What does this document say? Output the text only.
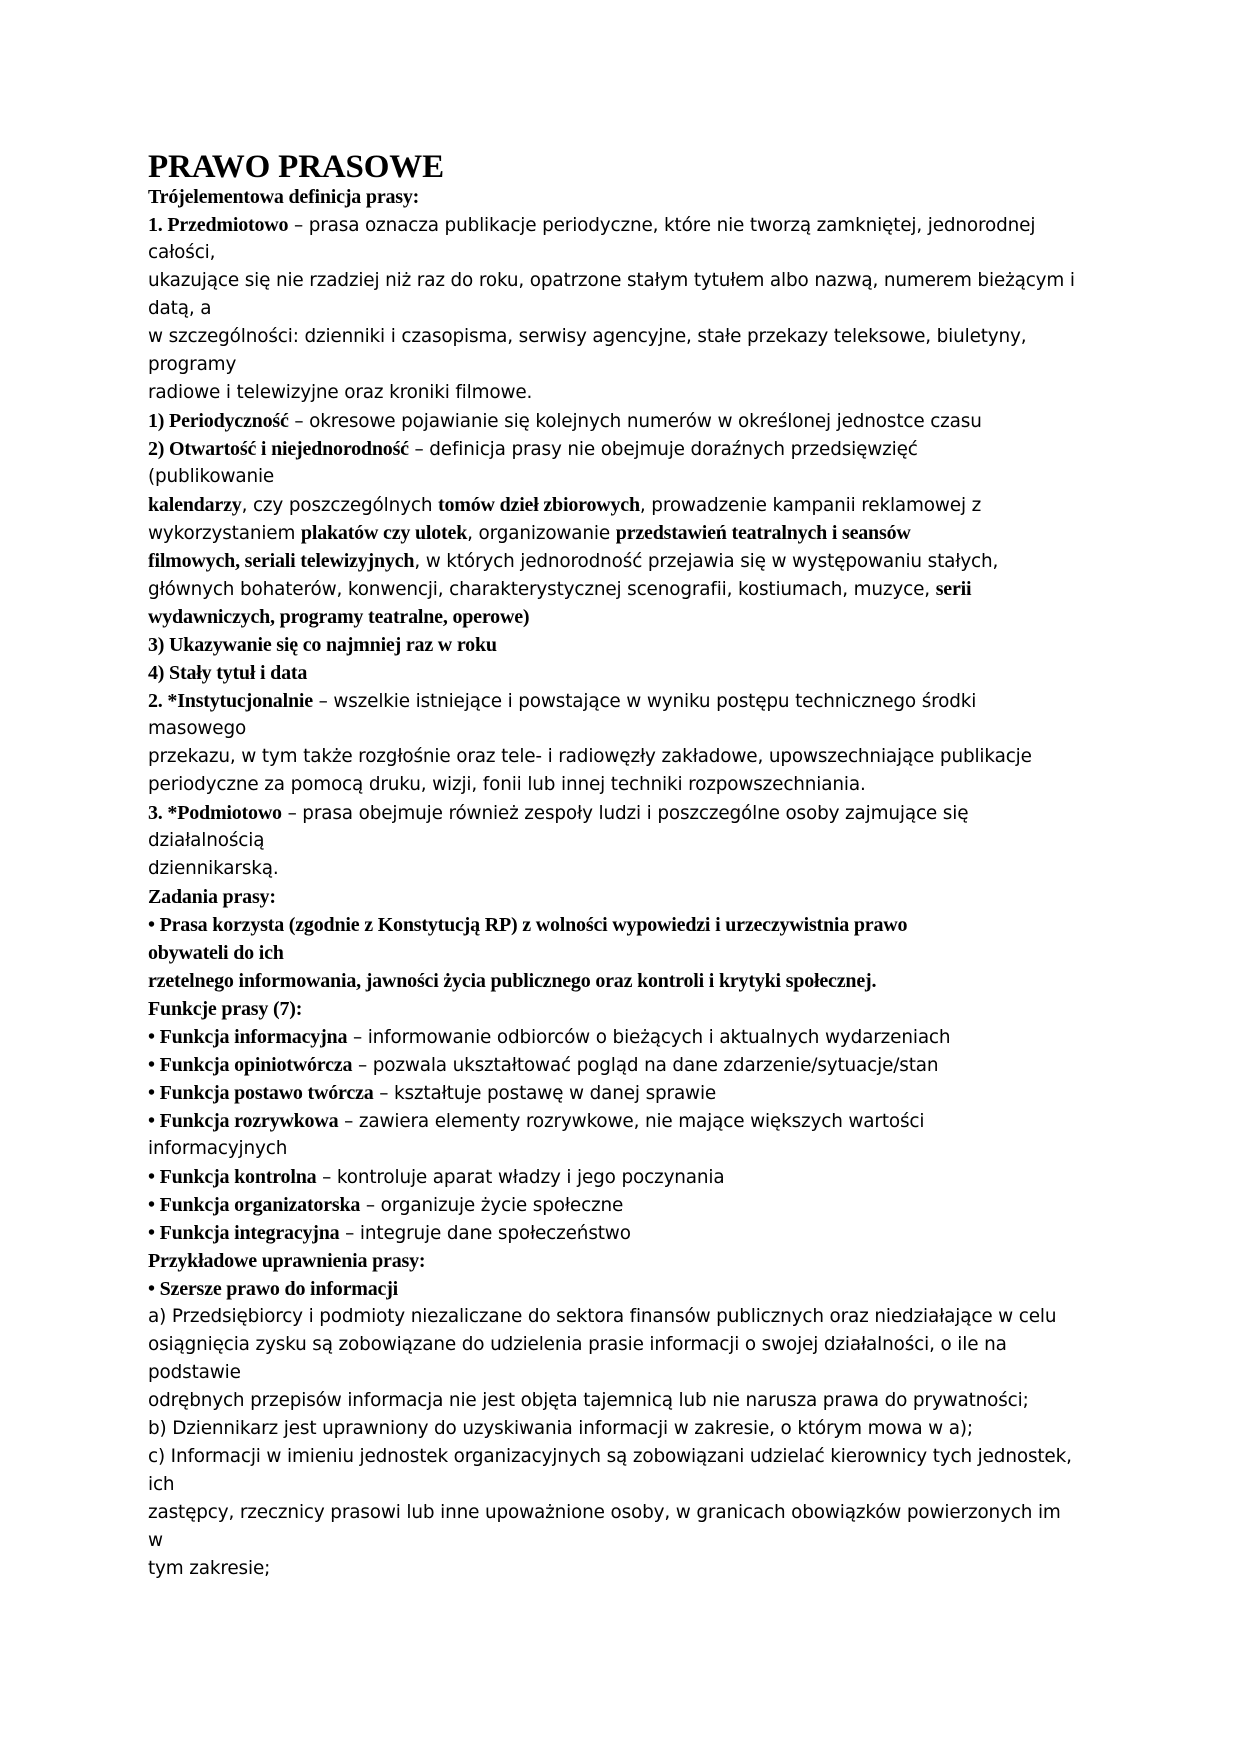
PRAWO PRASOWE
Trójelementowa definicja prasy:
1. Przedmiotowo – prasa oznacza publikacje periodyczne, które nie tworzą zamkniętej, jednorodnej
całości,
ukazujące się nie rzadziej niż raz do roku, opatrzone stałym tytułem albo nazwą, numerem bieżącym i
datą, a
w szczególności: dzienniki i czasopisma, serwisy agencyjne, stałe przekazy teleksowe, biuletyny,
programy
radiowe i telewizyjne oraz kroniki filmowe.
1) Periodyczność – okresowe pojawianie się kolejnych numerów w określonej jednostce czasu
2) Otwartość i niejednorodność – definicja prasy nie obejmuje doraźnych przedsięwzięć
(publikowanie
kalendarzy, czy poszczególnych tomów dzieł zbiorowych, prowadzenie kampanii reklamowej z
wykorzystaniem plakatów czy ulotek, organizowanie przedstawień teatralnych i seansów
filmowych, seriali telewizyjnych, w których jednorodność przejawia się w występowaniu stałych,
głównych bohaterów, konwencji, charakterystycznej scenografii, kostiumach, muzyce, serii
wydawniczych, programy teatralne, operowe)
3) Ukazywanie się co najmniej raz w roku
4) Stały tytuł i data
2. *Instytucjonalnie – wszelkie istniejące i powstające w wyniku postępu technicznego środki
masowego
przekazu, w tym także rozgłośnie oraz tele- i radiowęzły zakładowe, upowszechniające publikacje
periodyczne za pomocą druku, wizji, fonii lub innej techniki rozpowszechniania.
3. *Podmiotowo – prasa obejmuje również zespoły ludzi i poszczególne osoby zajmujące się
działalnością
dziennikarską.
Zadania prasy:
• Prasa korzysta (zgodnie z Konstytucją RP) z wolności wypowiedzi i urzeczywistnia prawo
obywateli do ich
rzetelnego informowania, jawności życia publicznego oraz kontroli i krytyki społecznej.
Funkcje prasy (7):
• Funkcja informacyjna – informowanie odbiorców o bieżących i aktualnych wydarzeniach
• Funkcja opiniotwórcza – pozwala ukształtować pogląd na dane zdarzenie/sytuacje/stan
• Funkcja postawo twórcza – kształtuje postawę w danej sprawie
• Funkcja rozrywkowa – zawiera elementy rozrywkowe, nie mające większych wartości
informacyjnych
• Funkcja kontrolna – kontroluje aparat władzy i jego poczynania
• Funkcja organizatorska – organizuje życie społeczne
• Funkcja integracyjna – integruje dane społeczeństwo
Przykładowe uprawnienia prasy:
• Szersze prawo do informacji
a) Przedsiębiorcy i podmioty niezaliczane do sektora finansów publicznych oraz niedziałające w celu
osiągnięcia zysku są zobowiązane do udzielenia prasie informacji o swojej działalności, o ile na
podstawie
odrębnych przepisów informacja nie jest objęta tajemnicą lub nie narusza prawa do prywatności;
b) Dziennikarz jest uprawniony do uzyskiwania informacji w zakresie, o którym mowa w a);
c) Informacji w imieniu jednostek organizacyjnych są zobowiązani udzielać kierownicy tych jednostek,
ich
zastępcy, rzecznicy prasowi lub inne upoważnione osoby, w granicach obowiązków powierzonych im
w
tym zakresie;
